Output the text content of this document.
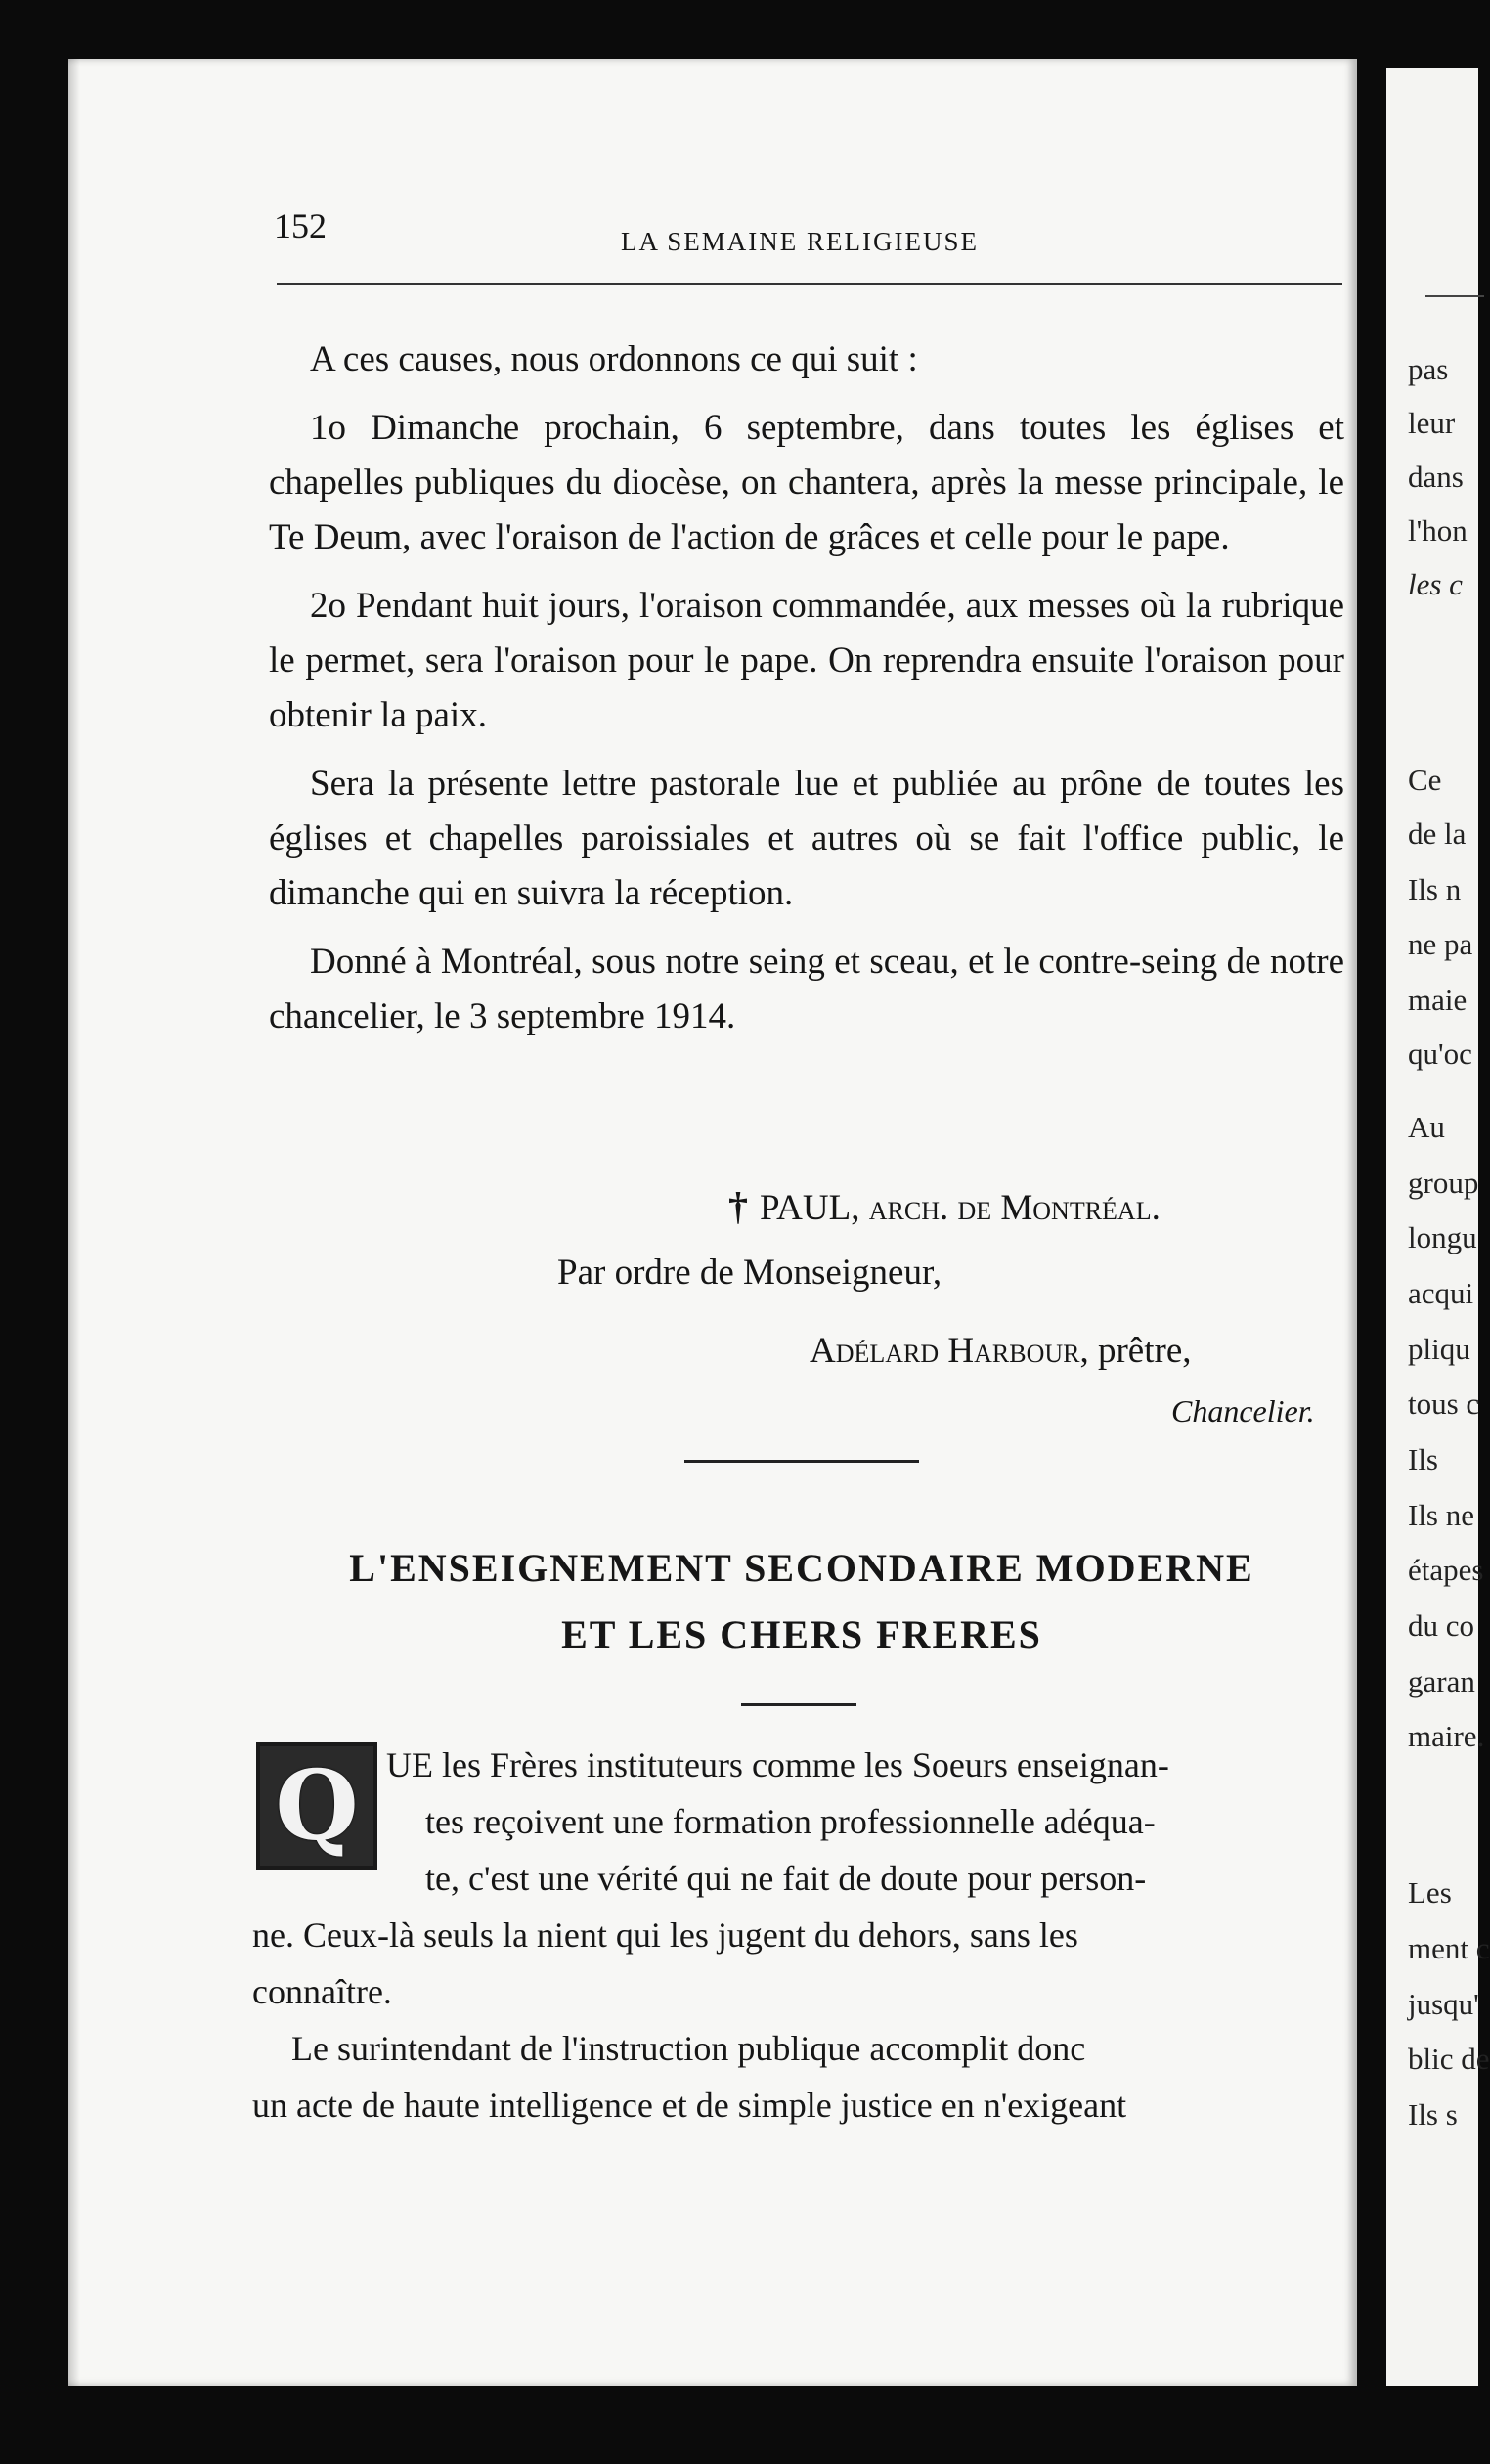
pas
leur
dans
l'hon
les c
Ce
de la
Ils n
ne pa
maie
qu'oc
Au
group
longu
acqui
pliqu
tous c
Ils
Ils ne
étapes
du co
garan
maire.
Les
ment c
jusqu'
blic de
Ils s
152	LA SEMAINE RELIGIEUSE

A ces causes, nous ordonnons ce qui suit :

1o Dimanche prochain, 6 septembre, dans toutes les églises et chapelles publiques du diocèse, on chantera, après la messe principale, le Te Deum, avec l'oraison de l'action de grâces et celle pour le pape.

2o Pendant huit jours, l'oraison commandée, aux messes où la rubrique le permet, sera l'oraison pour le pape. On reprendra ensuite l'oraison pour obtenir la paix.

Sera la présente lettre pastorale lue et publiée au prône de toutes les églises et chapelles paroissiales et autres où se fait l'office public, le dimanche qui en suivra la réception.

Donné à Montréal, sous notre seing et sceau, et le contre-seing de notre chancelier, le 3 septembre 1914.

† PAUL, arch. de Montréal.
Par ordre de Monseigneur,
Adélard Harbour, prêtre,
Chancelier.
L'ENSEIGNEMENT SECONDAIRE MODERNE
ET LES CHERS FRERES
Q UE les Frères instituteurs comme les Soeurs enseignan-
tes reçoivent une formation professionnelle adéqua-
te, c'est une vérité qui ne fait de doute pour person-
ne. Ceux-là seuls la nient qui les jugent du dehors, sans les
connaître.
Le surintendant de l'instruction publique accomplit donc
un acte de haute intelligence et de simple justice en n'exigeant
